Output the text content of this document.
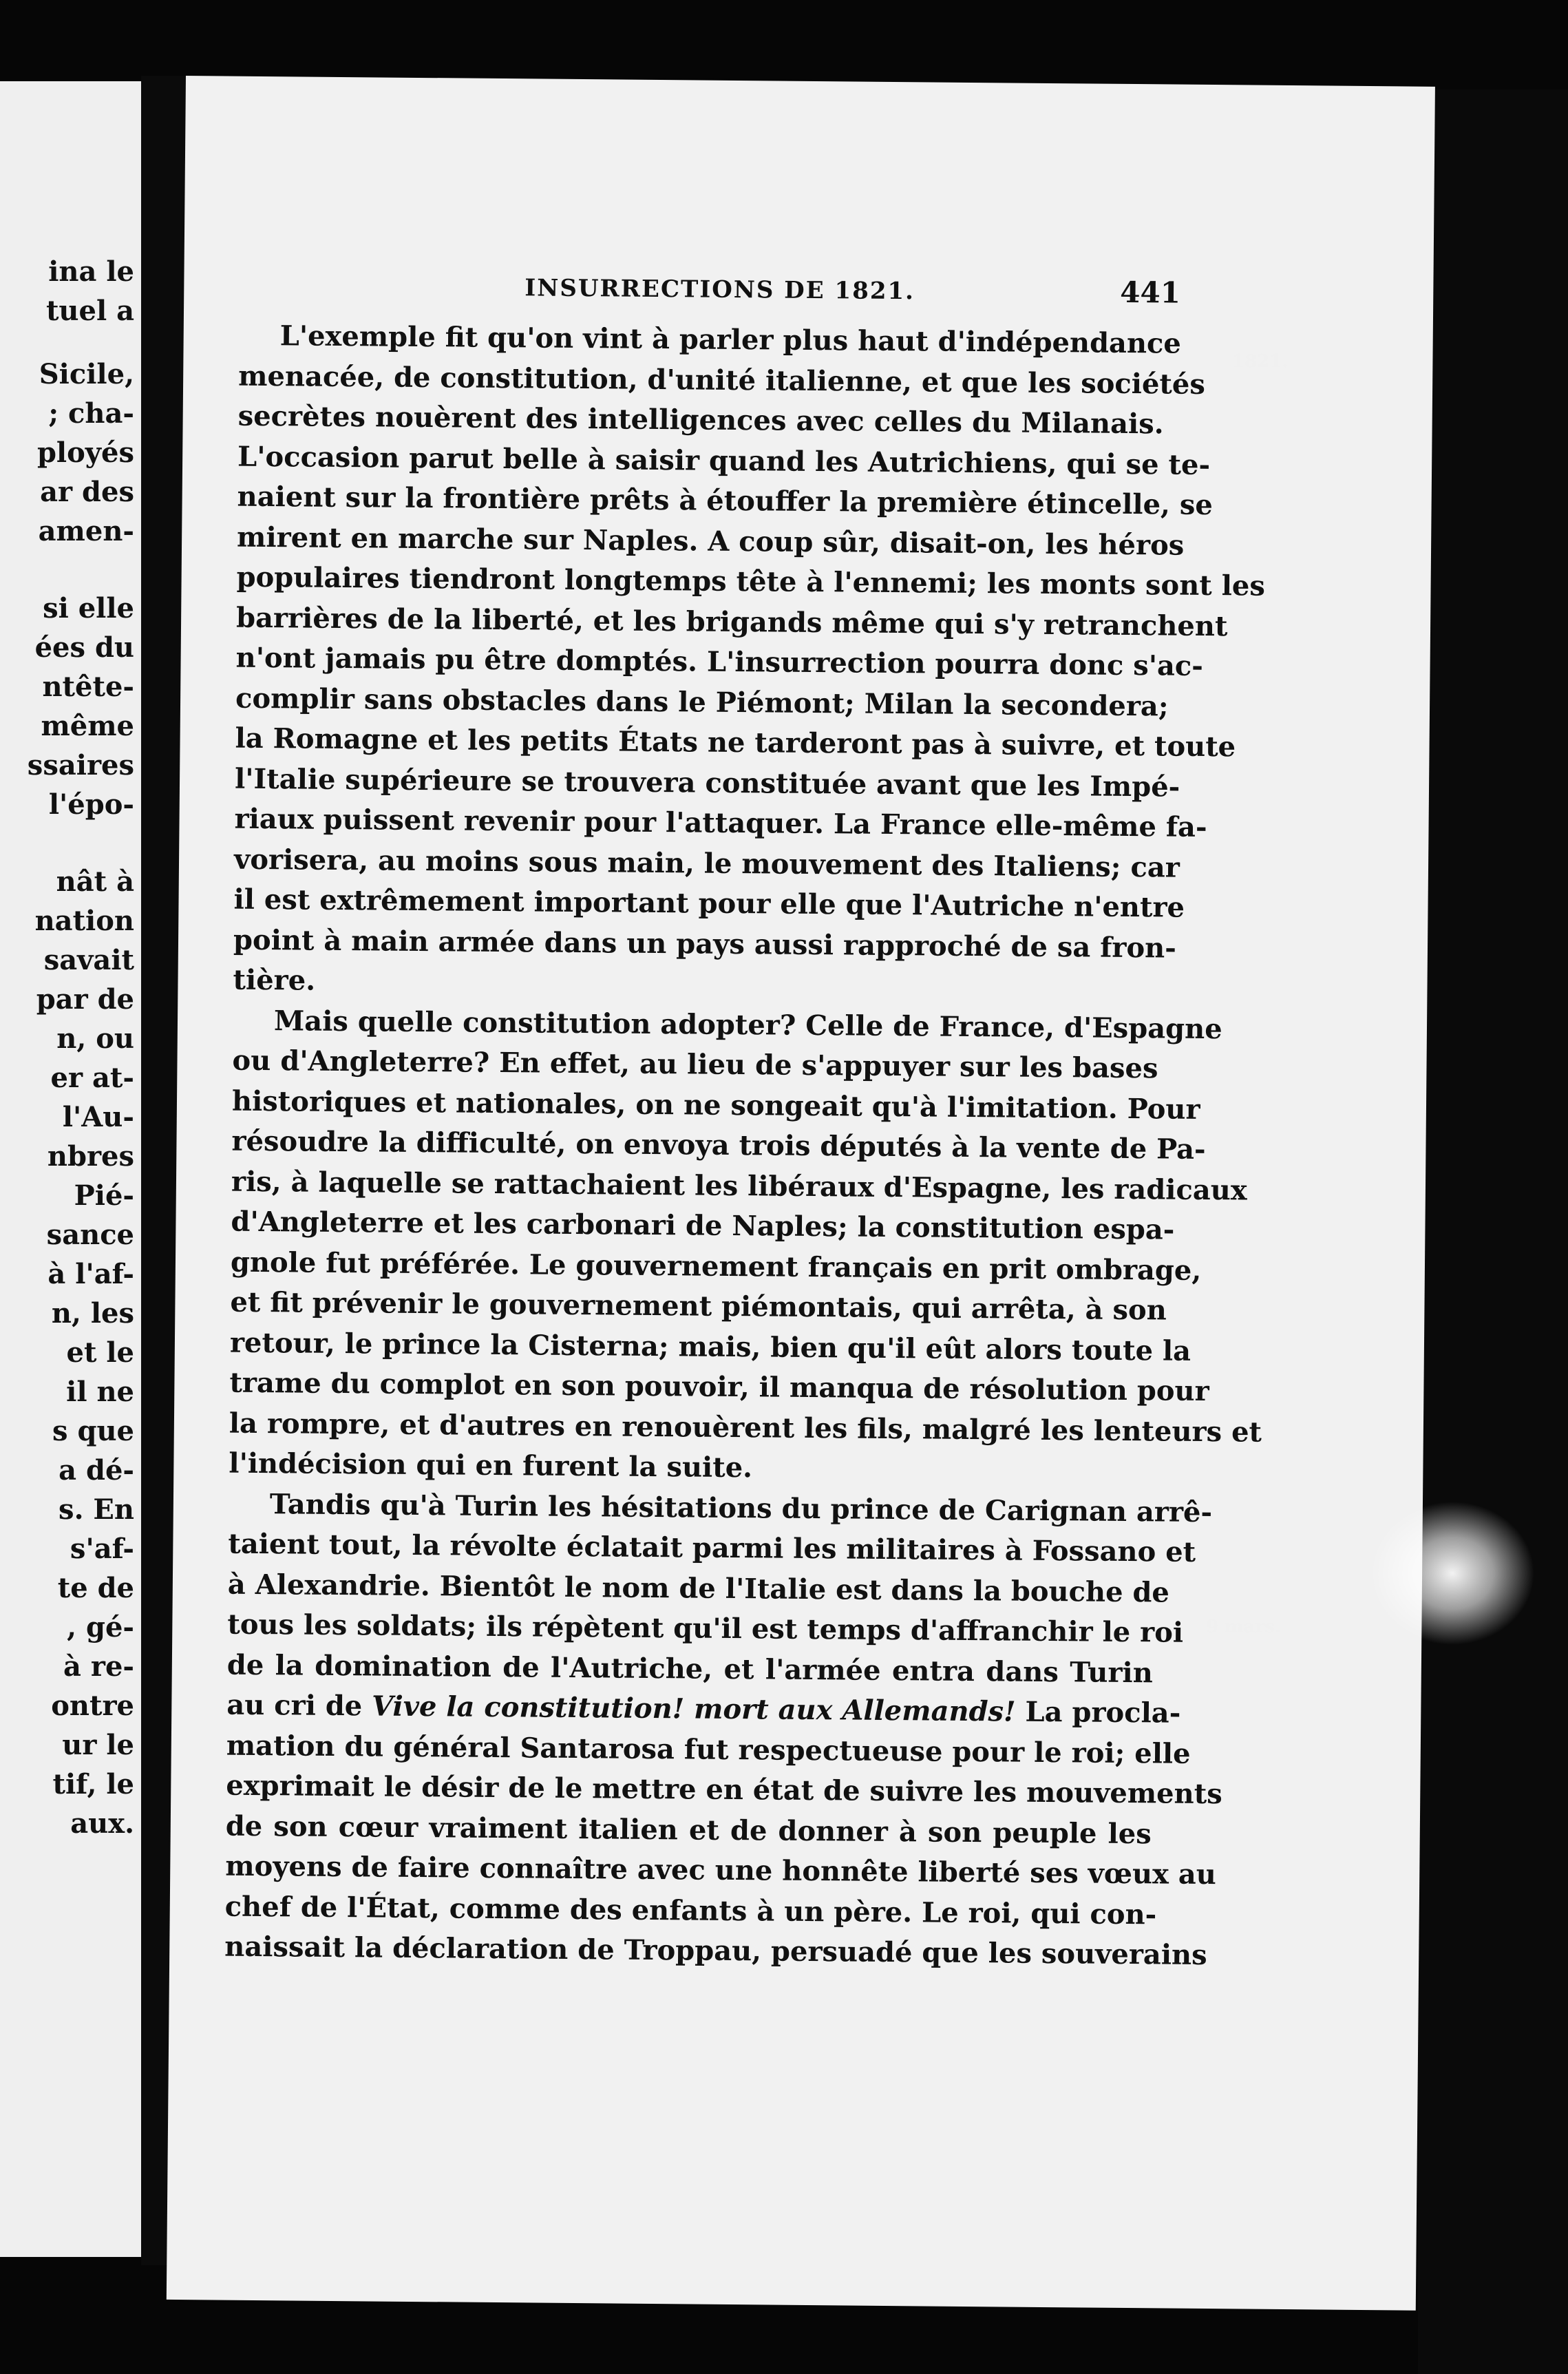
ina le
tuel a
Sicile,
; cha-
ployés
ar des
amen-
si elle
ées du
ntête-
même
ssaires
l'épo-
nât à
nation
savait
par de
n, ou
er at-
l'Au-
nbres
Pié-
sance
à l'af-
n, les
et le
il ne
s que
a dé-
s. En
s'af-
te de
, gé-
à re-
ontre
ur le
tif, le
aux.
INSURRECTIONS DE 1821.	441
L'exemple fit qu'on vint à parler plus haut d'indépendance
menacée, de constitution, d'unité italienne, et que les sociétés
secrètes nouèrent des intelligences avec celles du Milanais.
L'occasion parut belle à saisir quand les Autrichiens, qui se te-
naient sur la frontière prêts à étouffer la première étincelle, se
mirent en marche sur Naples. A coup sûr, disait-on, les héros
populaires tiendront longtemps tête à l'ennemi; les monts sont les
barrières de la liberté, et les brigands même qui s'y retranchent
n'ont jamais pu être domptés. L'insurrection pourra donc s'ac-
complir sans obstacles dans le Piémont; Milan la secondera;
la Romagne et les petits États ne tarderont pas à suivre, et toute
l'Italie supérieure se trouvera constituée avant que les Impé-
riaux puissent revenir pour l'attaquer. La France elle-même fa-
vorisera, au moins sous main, le mouvement des Italiens; car
il est extrêmement important pour elle que l'Autriche n'entre
point à main armée dans un pays aussi rapproché de sa fron-
tière.
Mais quelle constitution adopter? Celle de France, d'Espagne
ou d'Angleterre? En effet, au lieu de s'appuyer sur les bases
historiques et nationales, on ne songeait qu'à l'imitation. Pour
résoudre la difficulté, on envoya trois députés à la vente de Pa-
ris, à laquelle se rattachaient les libéraux d'Espagne, les radicaux
d'Angleterre et les carbonari de Naples; la constitution espa-
gnole fut préférée. Le gouvernement français en prit ombrage,
et fit prévenir le gouvernement piémontais, qui arrêta, à son
retour, le prince la Cisterna; mais, bien qu'il eût alors toute la
trame du complot en son pouvoir, il manqua de résolution pour
la rompre, et d'autres en renouèrent les fils, malgré les lenteurs et
l'indécision qui en furent la suite.
Tandis qu'à Turin les hésitations du prince de Carignan arrê-
taient tout, la révolte éclatait parmi les militaires à Fossano et
à Alexandrie. Bientôt le nom de l'Italie est dans la bouche de
tous les soldats; ils répètent qu'il est temps d'affranchir le roi
de la domination de l'Autriche, et l'armée entra dans Turin
au cri de Vive la constitution! mort aux Allemands! La procla-
mation du général Santarosa fut respectueuse pour le roi; elle
exprimait le désir de le mettre en état de suivre les mouvements
de son cœur vraiment italien et de donner à son peuple les
moyens de faire connaître avec une honnête liberté ses vœux au
chef de l'État, comme des enfants à un père. Le roi, qui con-
naissait la déclaration de Troppau, persuadé que les souverains
1821.
9 mars.
